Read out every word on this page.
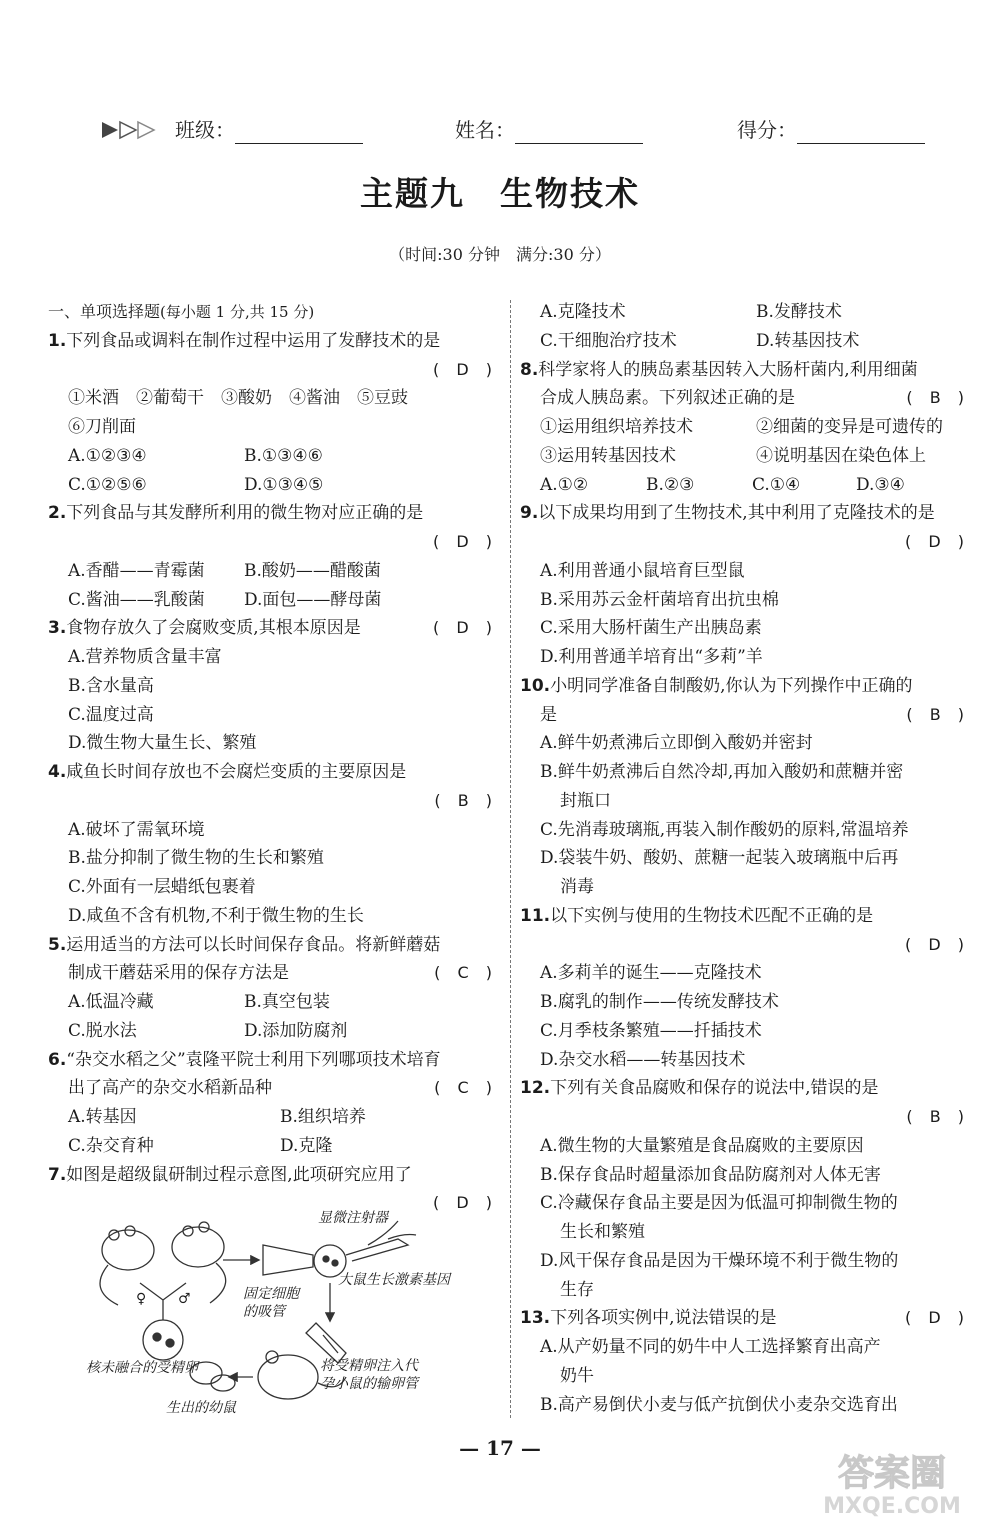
班级：	姓名：	得分：
主题九　生物技术
（时间:30 分钟　满分:30 分）
一、单项选择题(每小题 1 分,共 15 分)
1.下列食品或调料在制作过程中运用了发酵技术的是
( D )
①米酒　②葡萄干　③酸奶　④酱油　⑤豆豉
⑥刀削面
A.①②③④	B.①③④⑥
C.①②⑤⑥	D.①③④⑤
2.下列食品与其发酵所利用的微生物对应正确的是
( D )
A.香醋——青霉菌 B.酸奶——醋酸菌
C.酱油——乳酸菌 D.面包——酵母菌
3.食物存放久了会腐败变质,其根本原因是	( D )
A.营养物质含量丰富
B.含水量高
C.温度过高
D.微生物大量生长、繁殖
4.咸鱼长时间存放也不会腐烂变质的主要原因是
( B )
A.破坏了需氧环境
B.盐分抑制了微生物的生长和繁殖
C.外面有一层蜡纸包裹着
D.咸鱼不含有机物,不利于微生物的生长
5.运用适当的方法可以长时间保存食品。将新鲜蘑菇
制成干蘑菇采用的保存方法是	( C )
A.低温冷藏	B.真空包装
C.脱水法	D.添加防腐剂
6.“杂交水稻之父”袁隆平院士利用下列哪项技术培育
出了高产的杂交水稻新品种	( C )
A.转基因	B.组织培养
C.杂交育种	D.克隆
7.如图是超级鼠研制过程示意图,此项研究应用了
( D )
显微注射器
大鼠生长激素基因
固定细胞
的吸管
核未融合的受精卵	将受精卵注入代
孕小鼠的输卵管
生出的幼鼠
♀ ♂
A.克隆技术	B.发酵技术
C.干细胞治疗技术	D.转基因技术
8.科学家将人的胰岛素基因转入大肠杆菌内,利用细菌
合成人胰岛素。下列叙述正确的是	( B )
①运用组织培养技术	②细菌的变异是可遗传的
③运用转基因技术	④说明基因在染色体上
A.①②	B.②③	C.①④	D.③④
9.以下成果均用到了生物技术,其中利用了克隆技术的是
( D )
A.利用普通小鼠培育巨型鼠
B.采用苏云金杆菌培育出抗虫棉
C.采用大肠杆菌生产出胰岛素
D.利用普通羊培育出“多莉”羊
10.小明同学准备自制酸奶,你认为下列操作中正确的
是	( B )
A.鲜牛奶煮沸后立即倒入酸奶并密封
B.鲜牛奶煮沸后自然冷却,再加入酸奶和蔗糖并密
封瓶口
C.先消毒玻璃瓶,再装入制作酸奶的原料,常温培养
D.袋装牛奶、酸奶、蔗糖一起装入玻璃瓶中后再
消毒
11.以下实例与使用的生物技术匹配不正确的是
( D )
A.多莉羊的诞生——克隆技术
B.腐乳的制作——传统发酵技术
C.月季枝条繁殖——扦插技术
D.杂交水稻——转基因技术
12.下列有关食品腐败和保存的说法中,错误的是
( B )
A.微生物的大量繁殖是食品腐败的主要原因
B.保存食品时超量添加食品防腐剂对人体无害
C.冷藏保存食品主要是因为低温可抑制微生物的
生长和繁殖
D.风干保存食品是因为干燥环境不利于微生物的
生存
13.下列各项实例中,说法错误的是	( D )
A.从产奶量不同的奶牛中人工选择繁育出高产
奶牛
B.高产易倒伏小麦与低产抗倒伏小麦杂交选育出
— 17 —
答案圈
MXQE.COM
